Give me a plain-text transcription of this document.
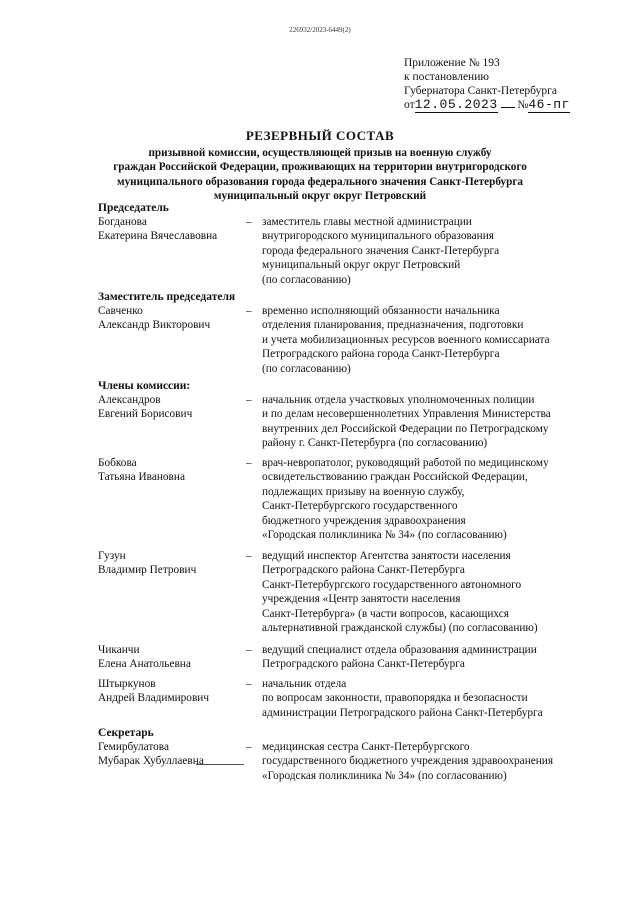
226932/2023-6449(2)
Приложение № 193
к постановлению
Губернатора Санкт-Петербурга
от12.05.2023 №46-пг
РЕЗЕРВНЫЙ СОСТАВ
призывной комиссии, осуществляющей призыв на военную службу
граждан Российской Федерации, проживающих на территории внутригородского
муниципального образования города федерального значения Санкт-Петербурга
муниципальный округ округ Петровский
Председатель
Богданова
Екатерина Вячеславовна
– заместитель главы местной администрации
внутригородского муниципального образования
города федерального значения Санкт-Петербурга
муниципальный округ округ Петровский
(по согласованию)
Заместитель председателя
Савченко
Александр Викторович
– временно исполняющий обязанности начальника
отделения планирования, предназначения, подготовки
и учета мобилизационных ресурсов военного комиссариата
Петроградского района города Санкт-Петербурга
(по согласованию)
Члены комиссии:
Александров
Евгений Борисович
– начальник отдела участковых уполномоченных полиции
и по делам несовершеннолетних Управления Министерства
внутренних дел Российской Федерации по Петроградскому
району г. Санкт-Петербурга (по согласованию)
Бобкова
Татьяна Ивановна
– врач-невропатолог, руководящий работой по медицинскому
освидетельствованию граждан Российской Федерации,
подлежащих призыву на военную службу,
Санкт-Петербургского государственного
бюджетного учреждения здравоохранения
«Городская поликлиника № 34» (по согласованию)
Гузун
Владимир Петрович
– ведущий инспектор Агентства занятости населения
Петроградского района Санкт-Петербурга
Санкт-Петербургского государственного автономного
учреждения «Центр занятости населения
Санкт-Петербурга» (в части вопросов, касающихся
альтернативной гражданской службы) (по согласованию)
Чиканчи
Елена Анатольевна
– ведущий специалист отдела образования администрации
Петроградского района Санкт-Петербурга
Штыркунов
Андрей Владимирович
– начальник отдела
по вопросам законности, правопорядка и безопасности
администрации Петроградского района Санкт-Петербурга
Секретарь
Гемирбулатова
Мубарак Хубуллаевна
– медицинская сестра Санкт-Петербургского
государственного бюджетного учреждения здравоохранения
«Городская поликлиника № 34» (по согласованию)
